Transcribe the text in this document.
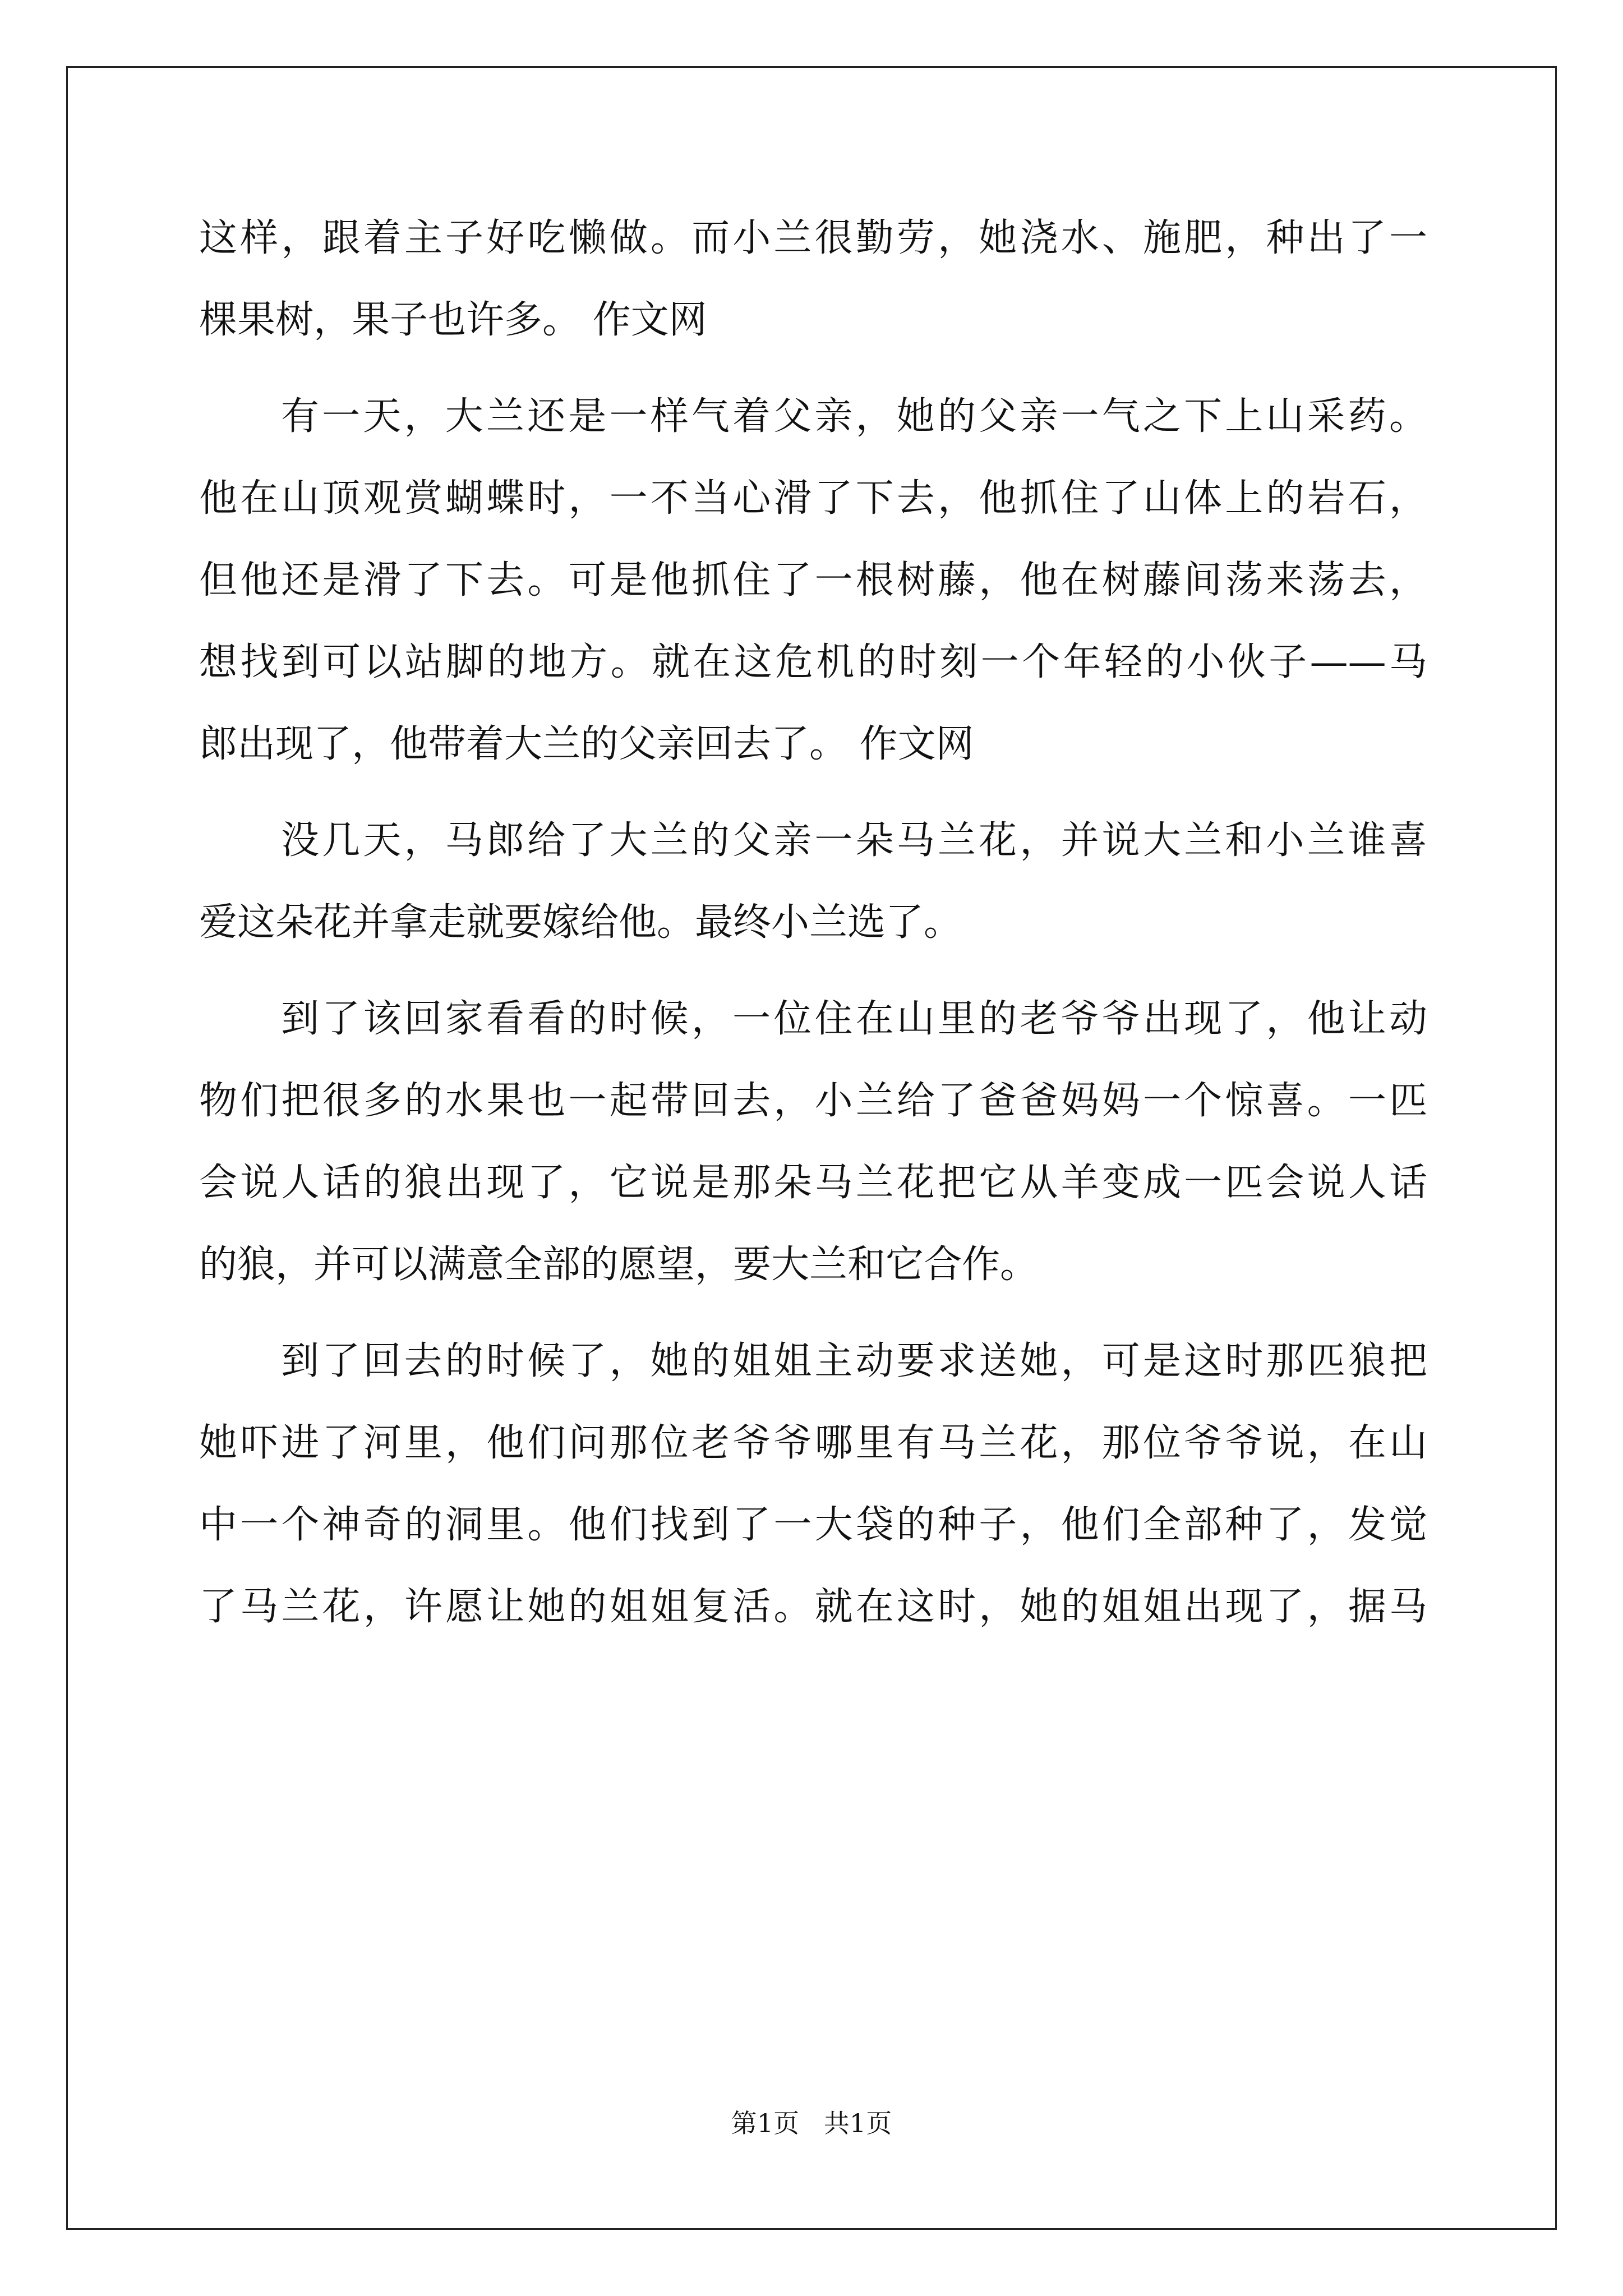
这样，跟着主子好吃懒做。而小兰很勤劳，她浇水、施肥，种出了一
棵果树，果子也许多。 作文网
有一天，大兰还是一样气着父亲，她的父亲一气之下上山采药。
他在山顶观赏蝴蝶时，一不当心滑了下去，他抓住了山体上的岩石，
但他还是滑了下去。可是他抓住了一根树藤，他在树藤间荡来荡去，
想找到可以站脚的地方。就在这危机的时刻一个年轻的小伙子——马
郎出现了，他带着大兰的父亲回去了。 作文网
没几天，马郎给了大兰的父亲一朵马兰花，并说大兰和小兰谁喜
爱这朵花并拿走就要嫁给他。最终小兰选了。
到了该回家看看的时候，一位住在山里的老爷爷出现了，他让动
物们把很多的水果也一起带回去，小兰给了爸爸妈妈一个惊喜。一匹
会说人话的狼出现了，它说是那朵马兰花把它从羊变成一匹会说人话
的狼，并可以满意全部的愿望，要大兰和它合作。
到了回去的时候了，她的姐姐主动要求送她，可是这时那匹狼把
她吓进了河里，他们问那位老爷爷哪里有马兰花，那位爷爷说，在山
中一个神奇的洞里。他们找到了一大袋的种子，他们全部种了，发觉
了马兰花，许愿让她的姐姐复活。就在这时，她的姐姐出现了，据马
第1页   共1页
